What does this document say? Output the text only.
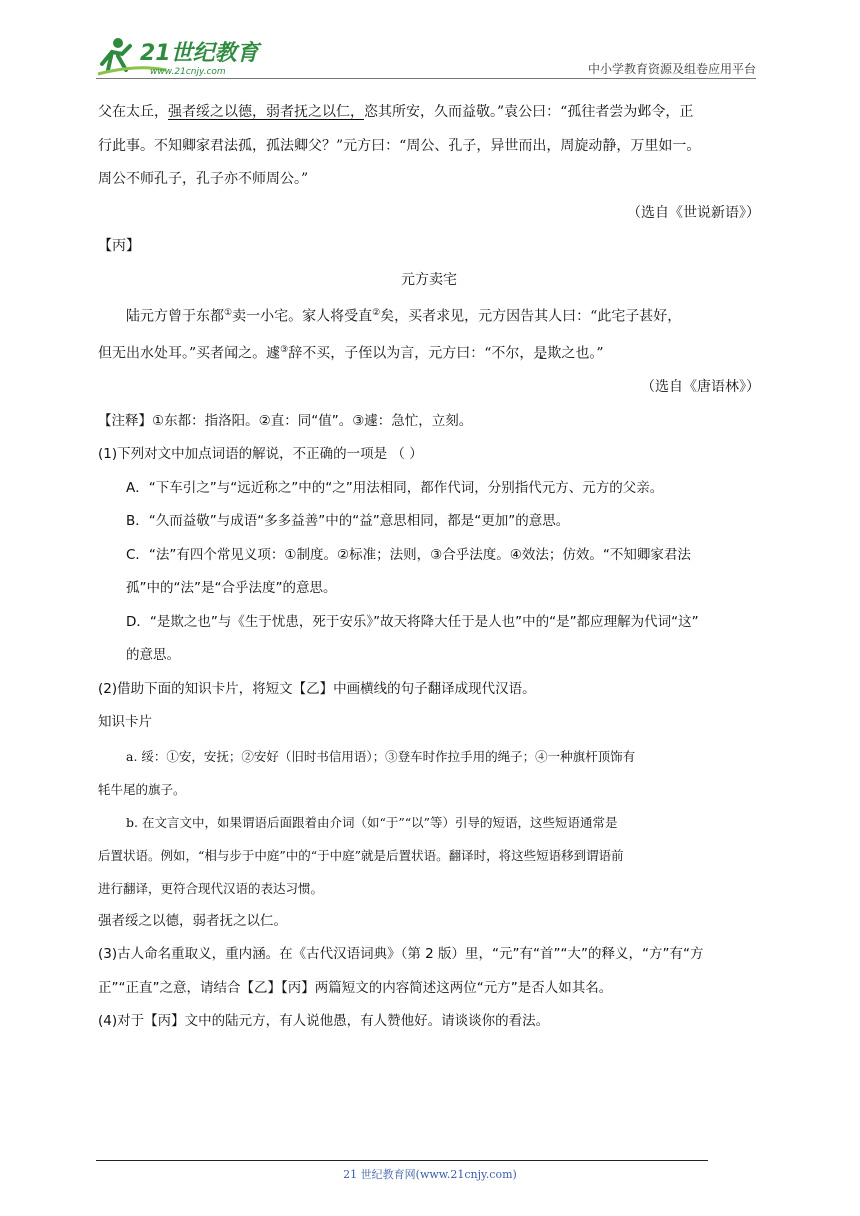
21世纪教育
www.21cnjy.com	中小学教育资源及组卷应用平台

父在太丘，强者绥之以德，弱者抚之以仁，恣其所安，久而益敬。”袁公曰：“孤往者尝为邺令，正

行此事。不知卿家君法孤，孤法卿父？”元方曰：“周公、孔子，异世而出，周旋动静，万里如一。

周公不师孔子，孔子亦不师周公。”

（选自《世说新语》）

【丙】

元方卖宅

陆元方曾于东都①卖一小宅。家人将受直②矣，买者求见，元方因告其人曰：“此宅子甚好，

但无出水处耳。”买者闻之。遽③辞不买，子侄以为言，元方曰：“不尔，是欺之也。”

（选自《唐语林》）

【注释】①东都：指洛阳。②直：同“值”。③遽：急忙，立刻。

(1)下列对文中加点词语的解说，不正确的一项是 （ ）

A．“下车引之”与“远近称之”中的“之”用法相同，都作代词，分别指代元方、元方的父亲。

B．“久而益敬”与成语“多多益善”中的“益”意思相同，都是“更加”的意思。

C．“法”有四个常见义项：①制度。②标准；法则，③合乎法度。④效法；仿效。“不知卿家君法

孤”中的“法”是“合乎法度”的意思。

D．“是欺之也”与《生于忧患，死于安乐》”故天将降大任于是人也”中的“是”都应理解为代词“这”

的意思。

(2)借助下面的知识卡片，将短文【乙】中画横线的句子翻译成现代汉语。

知识卡片

a. 绥：①安，安抚；②安好（旧时书信用语）；③登车时作拉手用的绳子；④一种旗杆顶饰有

牦牛尾的旗子。

b. 在文言文中，如果谓语后面跟着由介词（如“于”“以”等）引导的短语，这些短语通常是

后置状语。例如，“相与步于中庭”中的“于中庭”就是后置状语。翻译时，将这些短语移到谓语前

进行翻译，更符合现代汉语的表达习惯。

强者绥之以德，弱者抚之以仁。

(3)古人命名重取义，重内涵。在《古代汉语词典》（第 2 版）里，“元”有“首”“大”的释义，“方”有“方

正”“正直”之意，请结合【乙】【丙】两篇短文的内容简述这两位“元方”是否人如其名。

(4)对于【丙】文中的陆元方，有人说他愚，有人赞他好。请谈谈你的看法。

21 世纪教育网(www.21cnjy.com)
